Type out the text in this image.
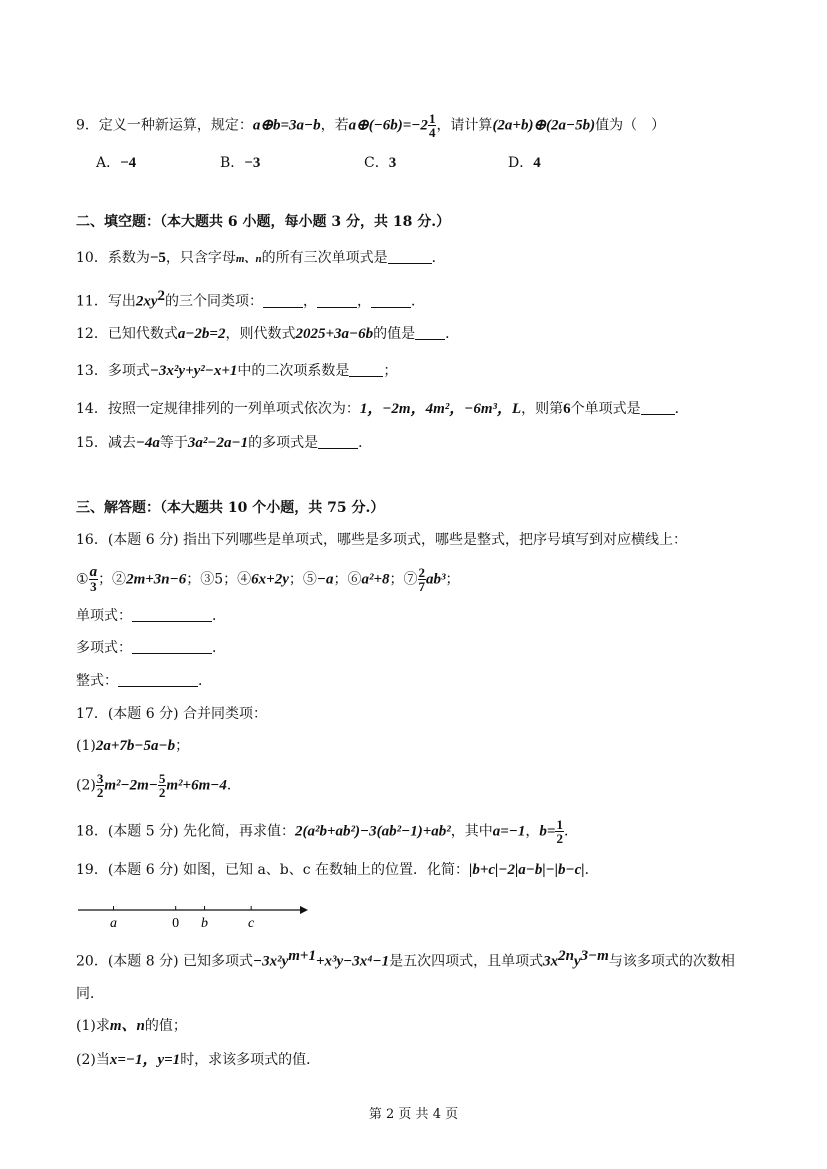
9．定义一种新运算，规定：a⊕b=3a−b，若a⊕(−6b)=−2 $\frac{1}{4}$ ，请计算(2a+b)⊕(2a−5b)值为（　）
A．−4	B．−3	C．3	D．4
二、填空题：（本大题共 6 小题，每小题 3 分，共 18 分.）
10．系数为−5，只含字母m、n的所有三次单项式是	．
11．写出$2xy^2$的三个同类项：	，	，	．
12．已知代数式a−2b=2，则代数式2025+3a−6b的值是 ．
13．多项式−3x²y+y²−x+1中的二次项系数是 ；
14．按照一定规律排列的一列单项式依次为：1，−2m，4m²，−6m³，L，则第6个单项式是 ．
15．减去−4a等于3a²−2a−1的多项式是	．
三、解答题：（本大题共 10 个小题，共 75 分.）
16．(本题 6 分) 指出下列哪些是单项式，哪些是多项式，哪些是整式，把序号填写到对应横线上：
① $\frac{a}{3}$ ；②2m+3n−6；③5；④6x+2y；⑤−a；⑥a²+8；⑦ $\frac{2}{7} ab^3$；
单项式：	．
多项式：	．
整式：	．
17．(本题 6 分) 合并同类项：
(1)2a+7b−5a−b；
$(2) \frac{3}{2} m^2-2m- \frac{5}{2} m^2+6m-4$．
18．(本题 5 分) 先化简，再求值：2(a²b+ab²)−3(ab²−1)+ab²，其中a=−1，$b= \frac{1}{2}$ ．
19．(本题 6 分) 如图，已知 a、b、c 在数轴上的位置．化简：|b+c|−2|a−b|−|b−c|．
a	0 b	c
20．(本题 8 分) 已知多项式$-3x^2y^{m+1}+x^3y-3x^4-1$是五次四项式，且单项式$3x^{2n}y^{3-m}$与该多项式的次数相
同．
(1)求m、n的值；
(2)当x=−1，y=1时，求该多项式的值．
第 2 页 共 4 页
